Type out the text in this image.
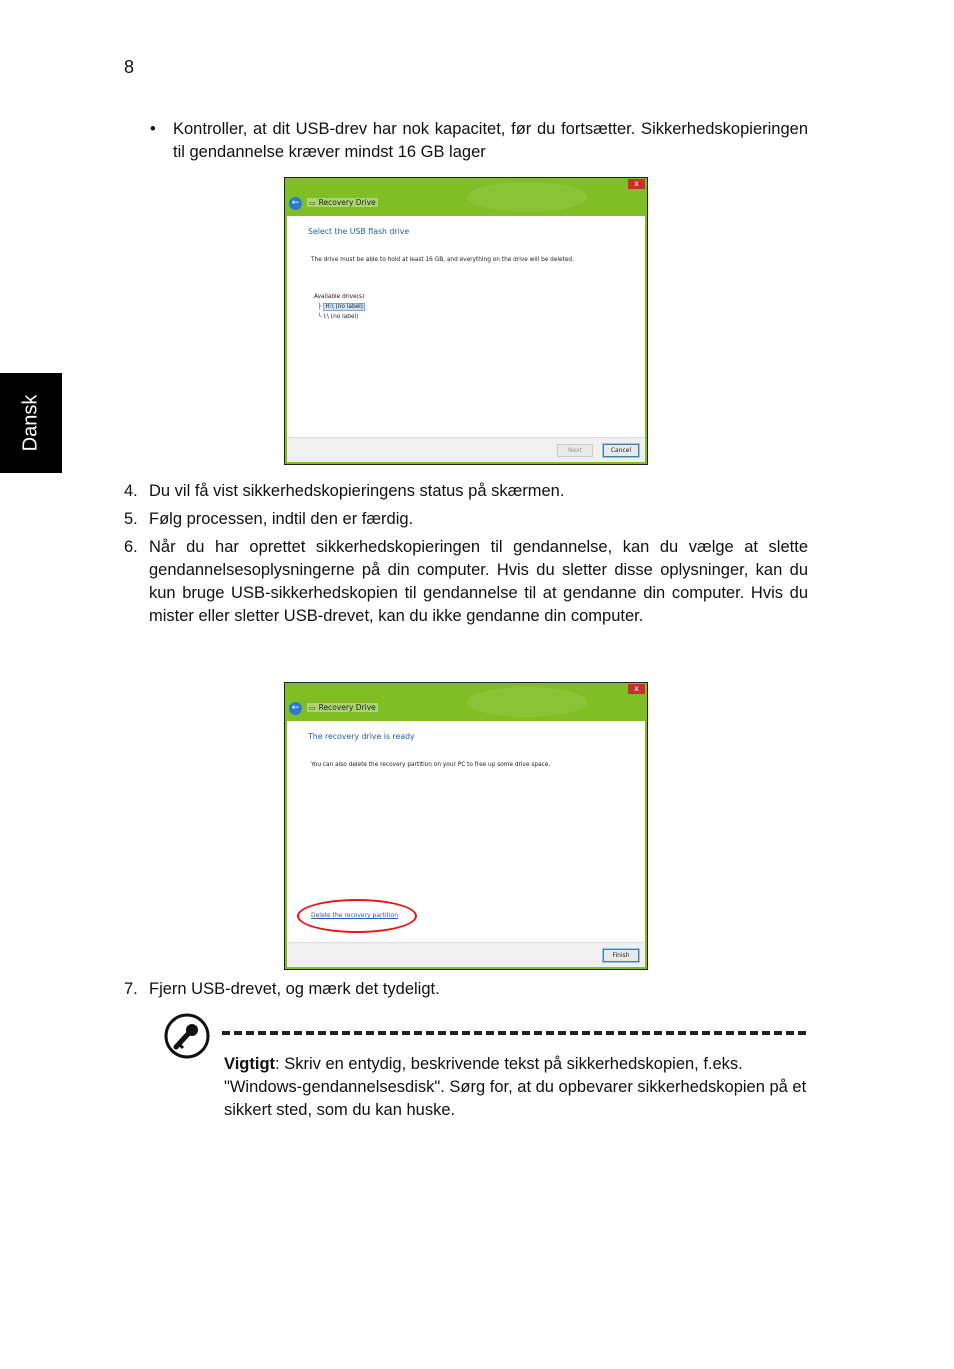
8
Dansk
• Kontroller, at dit USB-drev har nok kapacitet, før du fortsætter. Sikkerhedskopieringen til gendannelse kræver mindst 16 GB lager
x
←	▭ Recovery Drive
Select the USB flash drive
The drive must be able to hold at least 16 GB, and everything on the drive will be deleted.
Available drive(s)
├ H:\ (no label)
└ I:\ (no label)
Next	Cancel
4. Du vil få vist sikkerhedskopieringens status på skærmen.
5. Følg processen, indtil den er færdig.
6. Når du har oprettet sikkerhedskopieringen til gendannelse, kan du vælge at slette gendannelsesoplysningerne på din computer. Hvis du sletter disse oplysninger, kan du kun bruge USB-sikkerhedskopien til gendannelse til at gendanne din computer. Hvis du mister eller sletter USB-drevet, kan du ikke gendanne din computer.
x
←	▭ Recovery Drive
The recovery drive is ready
You can also delete the recovery partition on your PC to free up some drive space.
Delete the recovery partition
Finish
7. Fjern USB-drevet, og mærk det tydeligt.
Vigtigt: Skriv en entydig, beskrivende tekst på sikkerhedskopien, f.eks. "Windows-gendannelsesdisk". Sørg for, at du opbevarer sikkerhedskopien på et sikkert sted, som du kan huske.
